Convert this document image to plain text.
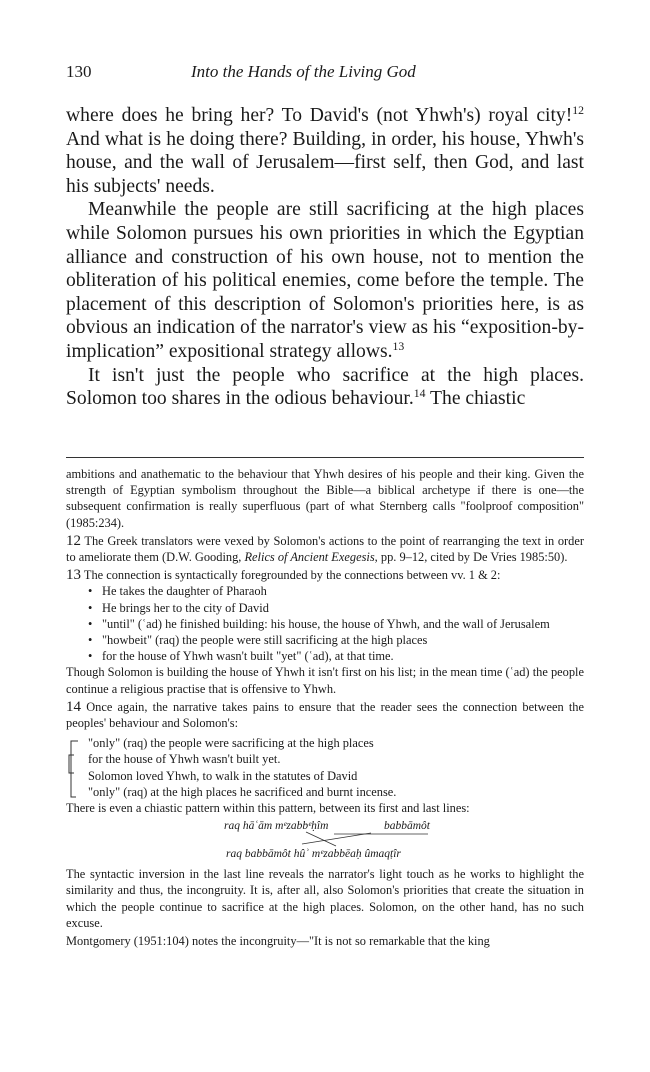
130	Into the Hands of the Living God

where does he bring her? To David's (not Yhwh's) royal city!$^{12}$ And what is he doing there? Building, in order, his house, Yhwh's house, and the wall of Jerusalem—first self, then God, and last his subjects' needs.

Meanwhile the people are still sacrificing at the high places while Solomon pursues his own priorities in which the Egyptian alliance and construction of his own house, not to mention the obliteration of his political enemies, come before the temple. The placement of this description of Solomon's priorities here, is as obvious an indication of the narrator's view as his “exposition-by-implication” expositional strategy allows.$^{13}$

It isn't just the people who sacrifice at the high places. Solomon too shares in the odious behaviour.$^{14}$ The chiastic

ambitions and anathematic to the behaviour that Yhwh desires of his people and their king. Given the strength of Egyptian symbolism throughout the Bible—a biblical archetype if there is one—the subsequent confirmation is really superfluous (part of what Sternberg calls "foolproof composition" (1985:234).

12 The Greek translators were vexed by Solomon's actions to the point of rearranging the text in order to ameliorate them (D.W. Gooding, Relics of Ancient Exegesis, pp. 9–12, cited by De Vries 1985:50).

13 The connection is syntactically foregrounded by the connections between vv. 1 & 2:

• He takes the daughter of Pharaoh
• He brings her to the city of David
• "until" (ʿad) he finished building: his house, the house of Yhwh, and the wall of Jerusalem
• "howbeit" (raq) the people were still sacrificing at the high places
• for the house of Yhwh wasn't built "yet" (ʿad), at that time.

Though Solomon is building the house of Yhwh it isn't first on his list; in the mean time (ʿad) the people continue a religious practise that is offensive to Yhwh.

14 Once again, the narrative takes pains to ensure that the reader sees the connection between the peoples' behaviour and Solomon's:

"only" (raq) the people were sacrificing at the high places
for the house of Yhwh wasn't built yet.
Solomon loved Yhwh, to walk in the statutes of David
"only" (raq) at the high places he sacrificed and burnt incense.

There is even a chiastic pattern within this pattern, between its first and last lines:

raq hāʿām mᵉzabbᵉḥîm	babbāmôt
raq babbāmôt hûʾ mᵉzabbēaḥ ûmaqṭîr

The syntactic inversion in the last line reveals the narrator's light touch as he works to highlight the similarity and thus, the incongruity. It is, after all, also Solomon's priorities that create the situation in which the people continue to sacrifice at the high places. Solomon, on the other hand, has no such excuse.

Montgomery (1951:104) notes the incongruity—"It is not so remarkable that the king
